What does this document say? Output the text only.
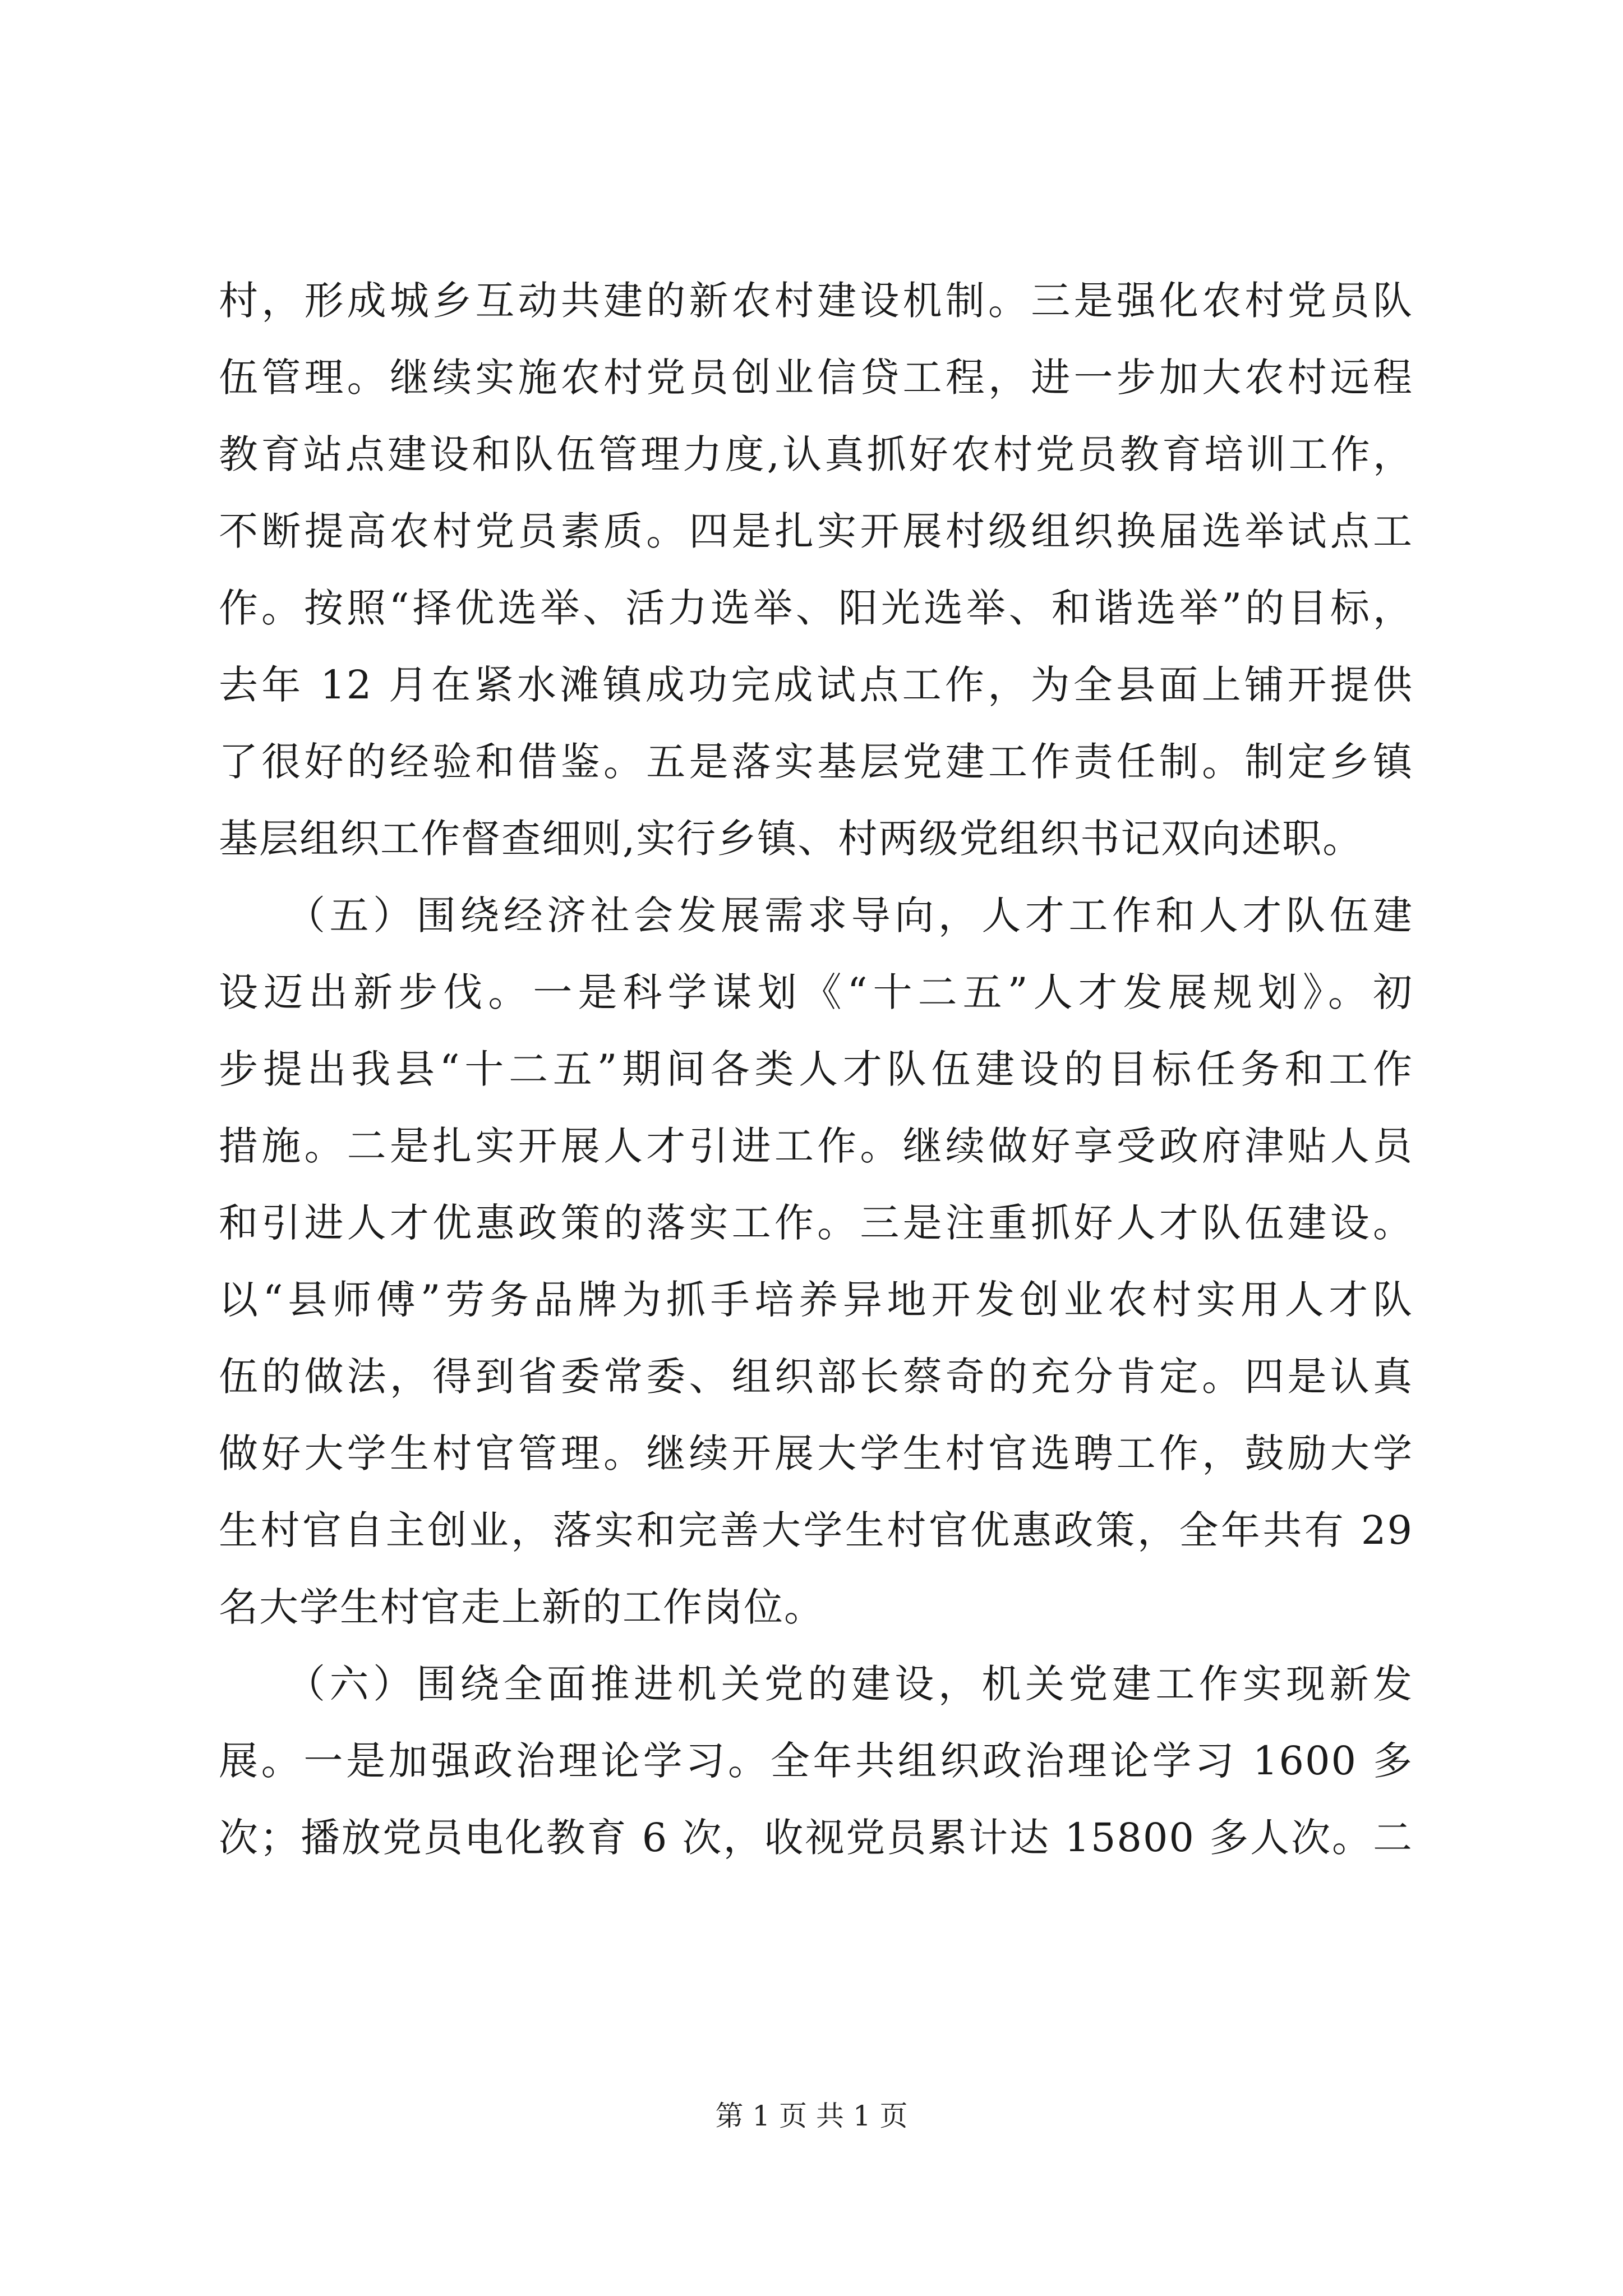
村，形成城乡互动共建的新农村建设机制。三是强化农村党员队
伍管理。继续实施农村党员创业信贷工程，进一步加大农村远程
教育站点建设和队伍管理力度,认真抓好农村党员教育培训工作，
不断提高农村党员素质。四是扎实开展村级组织换届选举试点工
作。按照“择优选举、活力选举、阳光选举、和谐选举”的目标，
去年 12 月在紧水滩镇成功完成试点工作，为全县面上铺开提供
了很好的经验和借鉴。五是落实基层党建工作责任制。制定乡镇
基层组织工作督查细则,实行乡镇、村两级党组织书记双向述职。
　　（五）围绕经济社会发展需求导向，人才工作和人才队伍建
设迈出新步伐。一是科学谋划《“十二五”人才发展规划》。初
步提出我县“十二五”期间各类人才队伍建设的目标任务和工作
措施。二是扎实开展人才引进工作。继续做好享受政府津贴人员
和引进人才优惠政策的落实工作。三是注重抓好人才队伍建设。
以“县师傅”劳务品牌为抓手培养异地开发创业农村实用人才队
伍的做法，得到省委常委、组织部长蔡奇的充分肯定。四是认真
做好大学生村官管理。继续开展大学生村官选聘工作，鼓励大学
生村官自主创业，落实和完善大学生村官优惠政策，全年共有 29
名大学生村官走上新的工作岗位。
　　（六）围绕全面推进机关党的建设，机关党建工作实现新发
展。一是加强政治理论学习。全年共组织政治理论学习 1600 多
次；播放党员电化教育 6 次，收视党员累计达 15800 多人次。二
第 1 页 共 1 页
